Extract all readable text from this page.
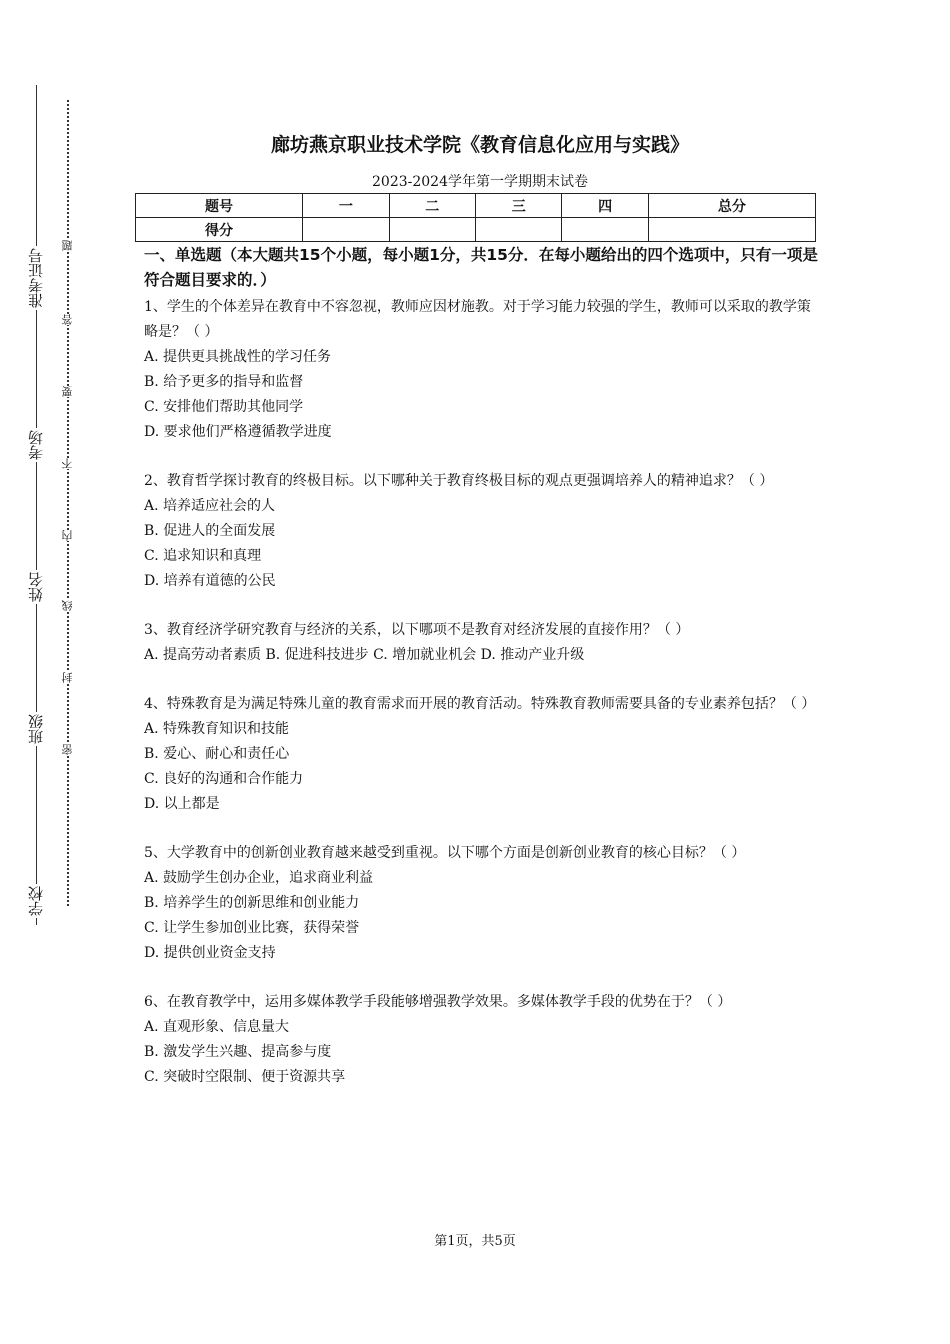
准考证号
考场
姓名
班级
学校
题
答
要
不
内
线
封
密
廊坊燕京职业技术学院《教育信息化应用与实践》
2023-2024学年第一学期期末试卷
题号	一	二	三	四	总分
得分					
一、单选题（本大题共15个小题，每小题1分，共15分．在每小题给出的四个选项中，只有一项是符合题目要求的．）
1、学生的个体差异在教育中不容忽视，教师应因材施教。对于学习能力较强的学生，教师可以采取的教学策略是？（ ）
A. 提供更具挑战性的学习任务
B. 给予更多的指导和监督
C. 安排他们帮助其他同学
D. 要求他们严格遵循教学进度
2、教育哲学探讨教育的终极目标。以下哪种关于教育终极目标的观点更强调培养人的精神追求？（ ）
A. 培养适应社会的人
B. 促进人的全面发展
C. 追求知识和真理
D. 培养有道德的公民
3、教育经济学研究教育与经济的关系，以下哪项不是教育对经济发展的直接作用？（ ）
A. 提高劳动者素质 B. 促进科技进步 C. 增加就业机会 D. 推动产业升级
4、特殊教育是为满足特殊儿童的教育需求而开展的教育活动。特殊教育教师需要具备的专业素养包括？（ ）
A. 特殊教育知识和技能
B. 爱心、耐心和责任心
C. 良好的沟通和合作能力
D. 以上都是
5、大学教育中的创新创业教育越来越受到重视。以下哪个方面是创新创业教育的核心目标？（ ）
A. 鼓励学生创办企业，追求商业利益
B. 培养学生的创新思维和创业能力
C. 让学生参加创业比赛，获得荣誉
D. 提供创业资金支持
6、在教育教学中，运用多媒体教学手段能够增强教学效果。多媒体教学手段的优势在于？（ ）
A. 直观形象、信息量大
B. 激发学生兴趣、提高参与度
C. 突破时空限制、便于资源共享
第1页，共5页
